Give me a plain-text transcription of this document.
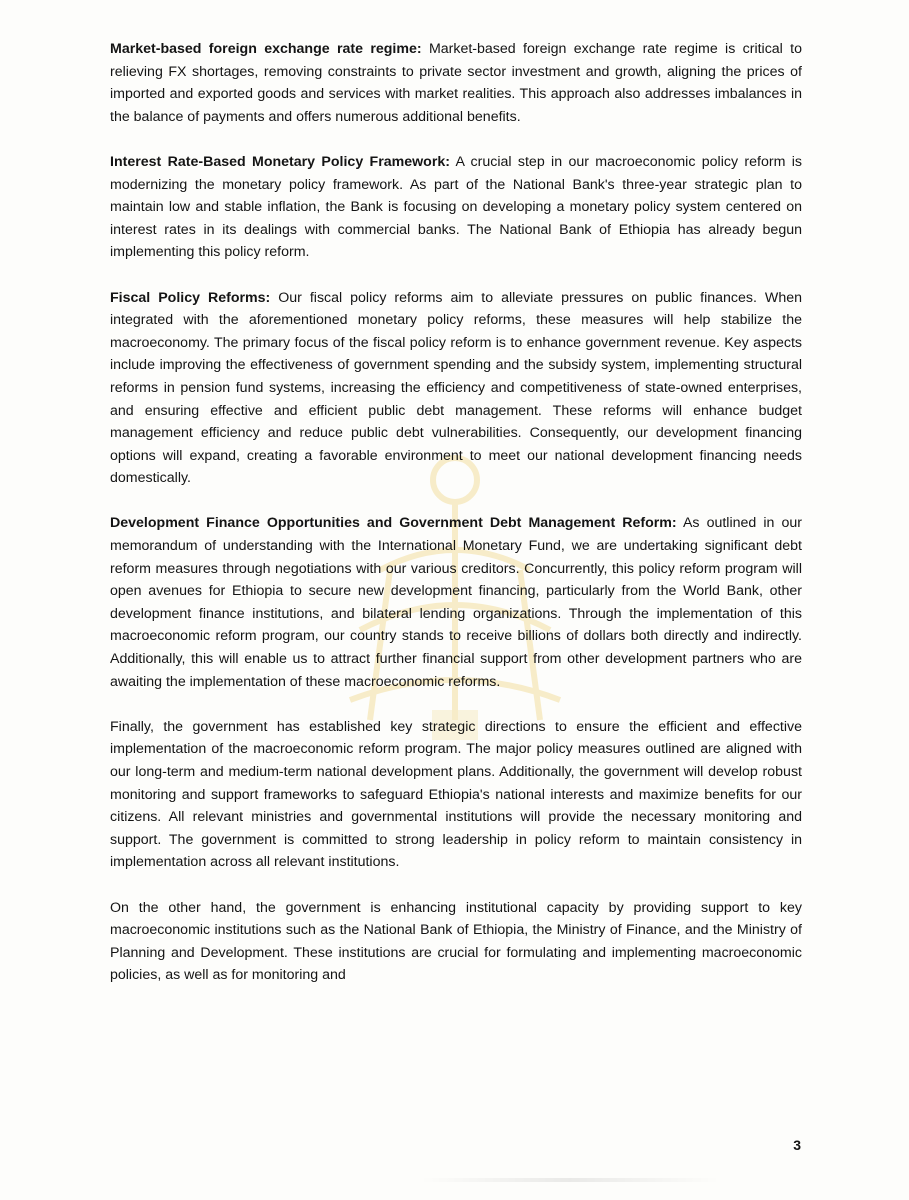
Market-based foreign exchange rate regime: Market-based foreign exchange rate regime is critical to relieving FX shortages, removing constraints to private sector investment and growth, aligning the prices of imported and exported goods and services with market realities. This approach also addresses imbalances in the balance of payments and offers numerous additional benefits.

Interest Rate-Based Monetary Policy Framework: A crucial step in our macroeconomic policy reform is modernizing the monetary policy framework. As part of the National Bank's three-year strategic plan to maintain low and stable inflation, the Bank is focusing on developing a monetary policy system centered on interest rates in its dealings with commercial banks. The National Bank of Ethiopia has already begun implementing this policy reform.

Fiscal Policy Reforms: Our fiscal policy reforms aim to alleviate pressures on public finances. When integrated with the aforementioned monetary policy reforms, these measures will help stabilize the macroeconomy. The primary focus of the fiscal policy reform is to enhance government revenue. Key aspects include improving the effectiveness of government spending and the subsidy system, implementing structural reforms in pension fund systems, increasing the efficiency and competitiveness of state-owned enterprises, and ensuring effective and efficient public debt management. These reforms will enhance budget management efficiency and reduce public debt vulnerabilities. Consequently, our development financing options will expand, creating a favorable environment to meet our national development financing needs domestically.

Development Finance Opportunities and Government Debt Management Reform: As outlined in our memorandum of understanding with the International Monetary Fund, we are undertaking significant debt reform measures through negotiations with our various creditors. Concurrently, this policy reform program will open avenues for Ethiopia to secure new development financing, particularly from the World Bank, other development finance institutions, and bilateral lending organizations. Through the implementation of this macroeconomic reform program, our country stands to receive billions of dollars both directly and indirectly. Additionally, this will enable us to attract further financial support from other development partners who are awaiting the implementation of these macroeconomic reforms.

Finally, the government has established key strategic directions to ensure the efficient and effective implementation of the macroeconomic reform program. The major policy measures outlined are aligned with our long-term and medium-term national development plans. Additionally, the government will develop robust monitoring and support frameworks to safeguard Ethiopia's national interests and maximize benefits for our citizens. All relevant ministries and governmental institutions will provide the necessary monitoring and support. The government is committed to strong leadership in policy reform to maintain consistency in implementation across all relevant institutions.

On the other hand, the government is enhancing institutional capacity by providing support to key macroeconomic institutions such as the National Bank of Ethiopia, the Ministry of Finance, and the Ministry of Planning and Development. These institutions are crucial for formulating and implementing macroeconomic policies, as well as for monitoring and

3
